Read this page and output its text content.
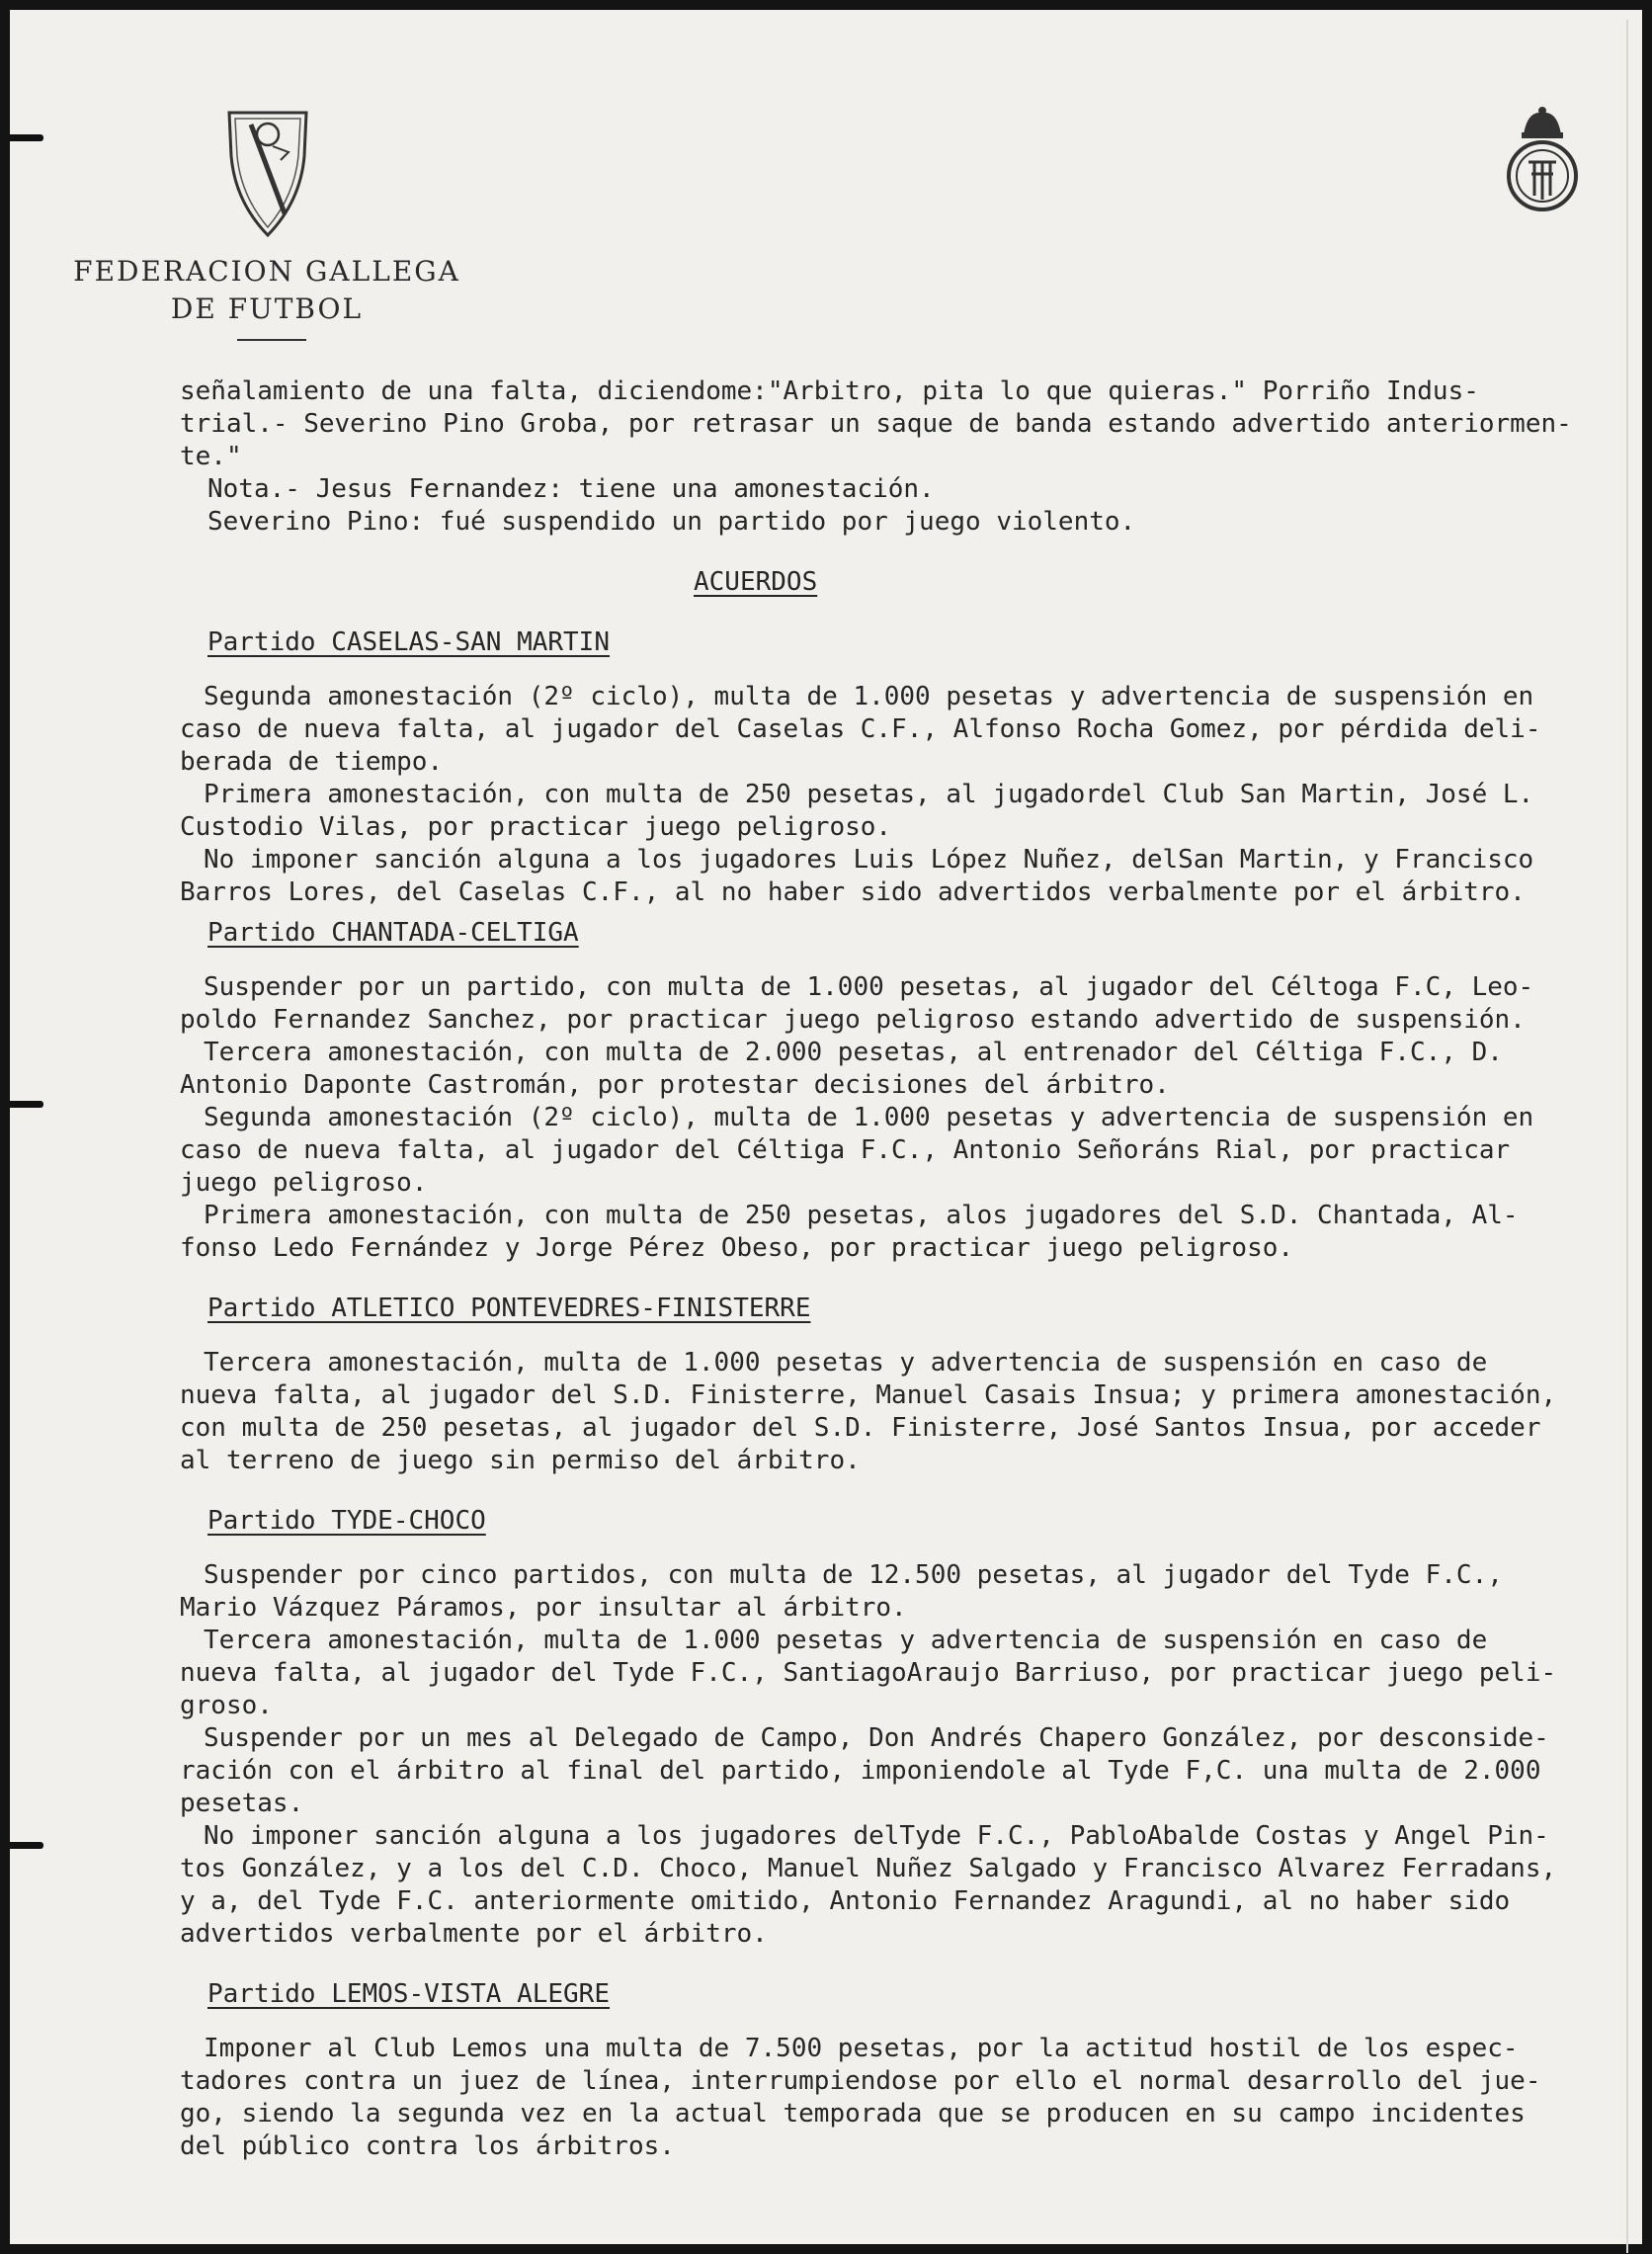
FEDERACION GALLEGA
DE FUTBOL

señalamiento de una falta, diciendome:"Arbitro, pita lo que quieras." Porriño Indus-

trial.- Severino Pino Groba, por retrasar un saque de banda estando advertido anteriormen-

te."

Nota.- Jesus Fernandez: tiene una amonestación.

Severino Pino: fué suspendido un partido por juego violento.

ACUERDOS

Partido CASELAS-SAN MARTIN

Segunda amonestación (2º ciclo), multa de 1.000 pesetas y advertencia de suspensión en

caso de nueva falta, al jugador del Caselas C.F., Alfonso Rocha Gomez, por pérdida deli-

berada de tiempo.

Primera amonestación, con multa de 250 pesetas, al jugadordel Club San Martin, José L.

Custodio Vilas, por practicar juego peligroso.

No imponer sanción alguna a los jugadores Luis López Nuñez, delSan Martin, y Francisco

Barros Lores, del Caselas C.F., al no haber sido advertidos verbalmente por el árbitro.

Partido CHANTADA-CELTIGA

Suspender por un partido, con multa de 1.000 pesetas, al jugador del Céltoga F.C, Leo-

poldo Fernandez Sanchez, por practicar juego peligroso estando advertido de suspensión.

Tercera amonestación, con multa de 2.000 pesetas, al entrenador del Céltiga F.C., D.

Antonio Daponte Castromán, por protestar decisiones del árbitro.

Segunda amonestación (2º ciclo), multa de 1.000 pesetas y advertencia de suspensión en

caso de nueva falta, al jugador del Céltiga F.C., Antonio Señoráns Rial, por practicar

juego peligroso.

Primera amonestación, con multa de 250 pesetas, alos jugadores del S.D. Chantada, Al-

fonso Ledo Fernández y Jorge Pérez Obeso, por practicar juego peligroso.

Partido ATLETICO PONTEVEDRES-FINISTERRE

Tercera amonestación, multa de 1.000 pesetas y advertencia de suspensión en caso de

nueva falta, al jugador del S.D. Finisterre, Manuel Casais Insua; y primera amonestación,

con multa de 250 pesetas, al jugador del S.D. Finisterre, José Santos Insua, por acceder

al terreno de juego sin permiso del árbitro.

Partido TYDE-CHOCO

Suspender por cinco partidos, con multa de 12.500 pesetas, al jugador del Tyde F.C.,

Mario Vázquez Páramos, por insultar al árbitro.

Tercera amonestación, multa de 1.000 pesetas y advertencia de suspensión en caso de

nueva falta, al jugador del Tyde F.C., SantiagoAraujo Barriuso, por practicar juego peli-

groso.

Suspender por un mes al Delegado de Campo, Don Andrés Chapero González, por desconside-

ración con el árbitro al final del partido, imponiendole al Tyde F,C. una multa de 2.000

pesetas.

No imponer sanción alguna a los jugadores delTyde F.C., PabloAbalde Costas y Angel Pin-

tos González, y a los del C.D. Choco, Manuel Nuñez Salgado y Francisco Alvarez Ferradans,

y a, del Tyde F.C. anteriormente omitido, Antonio Fernandez Aragundi, al no haber sido

advertidos verbalmente por el árbitro.

Partido LEMOS-VISTA ALEGRE

Imponer al Club Lemos una multa de 7.500 pesetas, por la actitud hostil de los espec-

tadores contra un juez de línea, interrumpiendose por ello el normal desarrollo del jue-

go, siendo la segunda vez en la actual temporada que se producen en su campo incidentes

del público contra los árbitros.
